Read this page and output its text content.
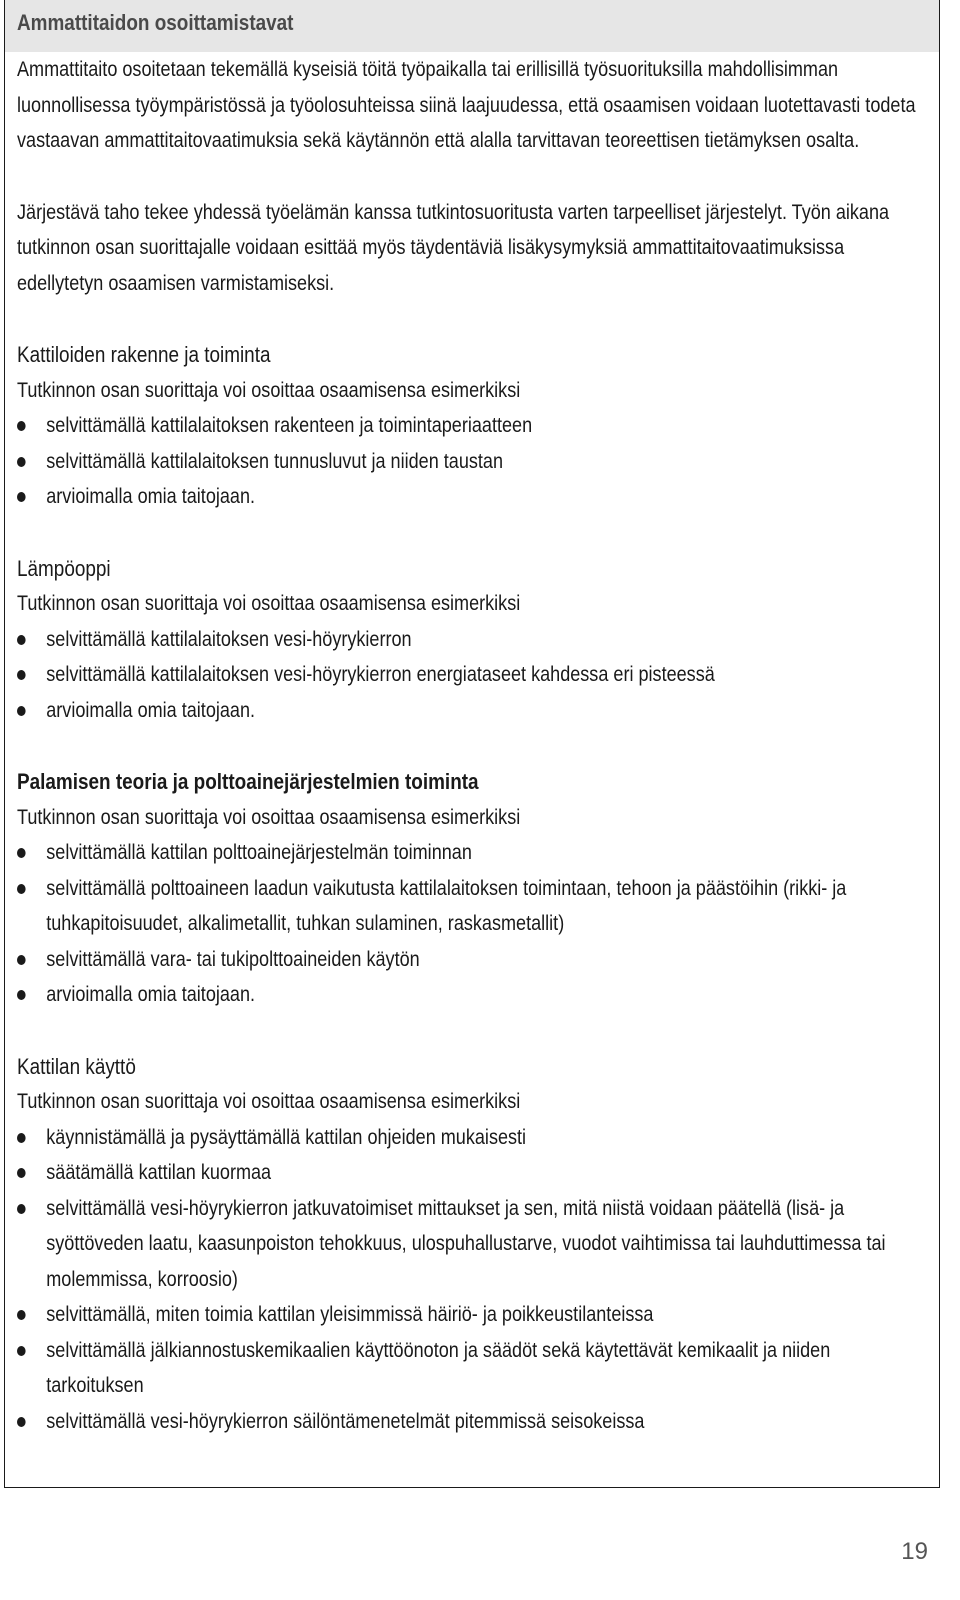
Ammattitaidon osoittamistavat

Ammattitaito osoitetaan tekemällä kyseisiä töitä työpaikalla tai erillisillä työsuorituksilla mahdollisimman luonnollisessa työympäristössä ja työolosuhteissa siinä laajuudessa, että osaamisen voidaan luotettavasti todeta vastaavan ammattitaitovaatimuksia sekä käytännön että alalla tarvittavan teoreettisen tietämyksen osalta.

Järjestävä taho tekee yhdessä työelämän kanssa tutkintosuoritusta varten tarpeelliset järjestelyt. Työn aikana tutkinnon osan suorittajalle voidaan esittää myös täydentäviä lisäkysymyksiä ammattitaitovaatimuksissa edellytetyn osaamisen varmistamiseksi.

Kattiloiden rakenne ja toiminta

Tutkinnon osan suorittaja voi osoittaa osaamisensa esimerkiksi

selvittämällä kattilalaitoksen rakenteen ja toimintaperiaatteen
selvittämällä kattilalaitoksen tunnusluvut ja niiden taustan
arvioimalla omia taitojaan.
Lämpöoppi

Tutkinnon osan suorittaja voi osoittaa osaamisensa esimerkiksi

selvittämällä kattilalaitoksen vesi-höyrykierron
selvittämällä kattilalaitoksen vesi-höyrykierron energiataseet kahdessa eri pisteessä
arvioimalla omia taitojaan.
Palamisen teoria ja polttoainejärjestelmien toiminta

Tutkinnon osan suorittaja voi osoittaa osaamisensa esimerkiksi

selvittämällä kattilan polttoainejärjestelmän toiminnan
selvittämällä polttoaineen laadun vaikutusta kattilalaitoksen toimintaan, tehoon ja päästöihin (rikki- ja tuhkapitoisuudet, alkalimetallit, tuhkan sulaminen, raskasmetallit)
selvittämällä vara- tai tukipolttoaineiden käytön
arvioimalla omia taitojaan.
Kattilan käyttö

Tutkinnon osan suorittaja voi osoittaa osaamisensa esimerkiksi

käynnistämällä ja pysäyttämällä kattilan ohjeiden mukaisesti
säätämällä kattilan kuormaa
selvittämällä vesi-höyrykierron jatkuvatoimiset mittaukset ja sen, mitä niistä voidaan päätellä (lisä- ja syöttöveden laatu, kaasunpoiston tehokkuus, ulospuhallustarve, vuodot vaihtimissa tai lauhduttimessa tai molemmissa, korroosio)
selvittämällä, miten toimia kattilan yleisimmissä häiriö- ja poikkeustilanteissa
selvittämällä jälkiannostuskemikaalien käyttöönoton ja säädöt sekä käytettävät kemikaalit ja niiden tarkoituksen
selvittämällä vesi-höyrykierron säilöntämenetelmät pitemmissä seisokeissa
19
